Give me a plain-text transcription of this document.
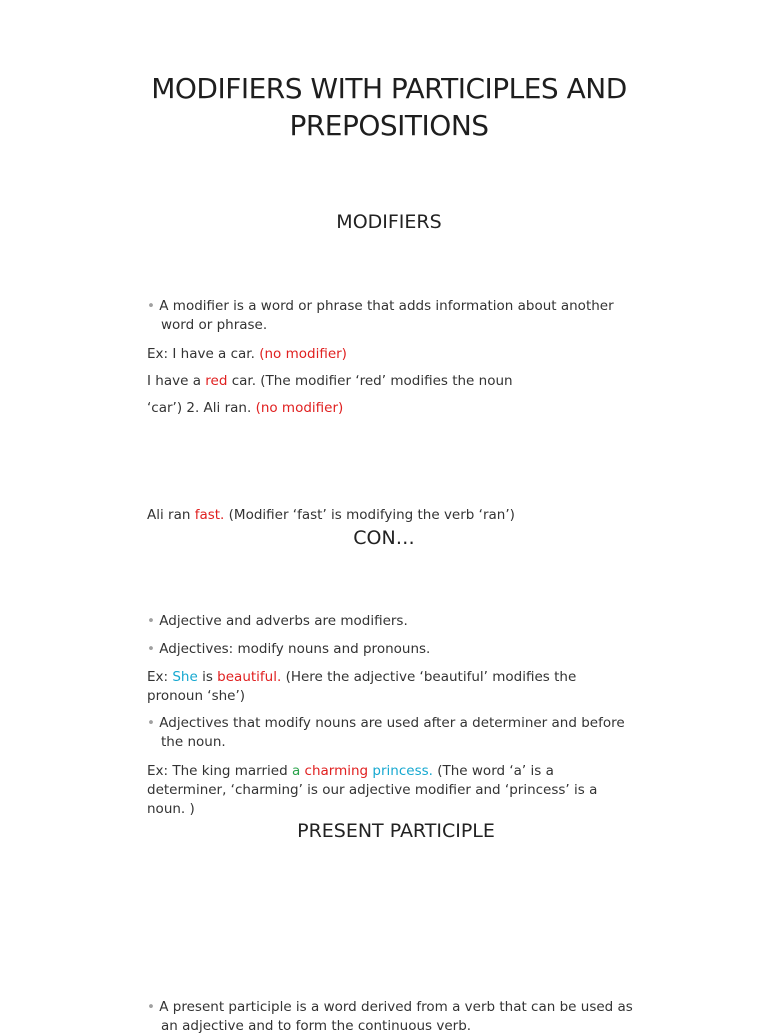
MODIFIERS WITH PARTICIPLES AND
PREPOSITIONS
MODIFIERS
• A modifier is a word or phrase that adds information about another
word or phrase.
Ex: I have a car. (no modifier)
I have a red car. (The modifier ‘red’ modifies the noun
‘car’) 2. Ali ran. (no modifier)
Ali ran fast. (Modifier ‘fast’ is modifying the verb ‘ran’)
CON…
• Adjective and adverbs are modifiers.
• Adjectives: modify nouns and pronouns.
Ex: She is beautiful. (Here the adjective ‘beautiful’ modifies the
pronoun ‘she’)
• Adjectives that modify nouns are used after a determiner and before
the noun.
Ex: The king married a charming princess. (The word ‘a’ is a
determiner, ‘charming’ is our adjective modifier and ‘princess’ is a
noun. )
PRESENT PARTICIPLE
• A present participle is a word derived from a verb that can be used as
an adjective and to form the continuous verb.
